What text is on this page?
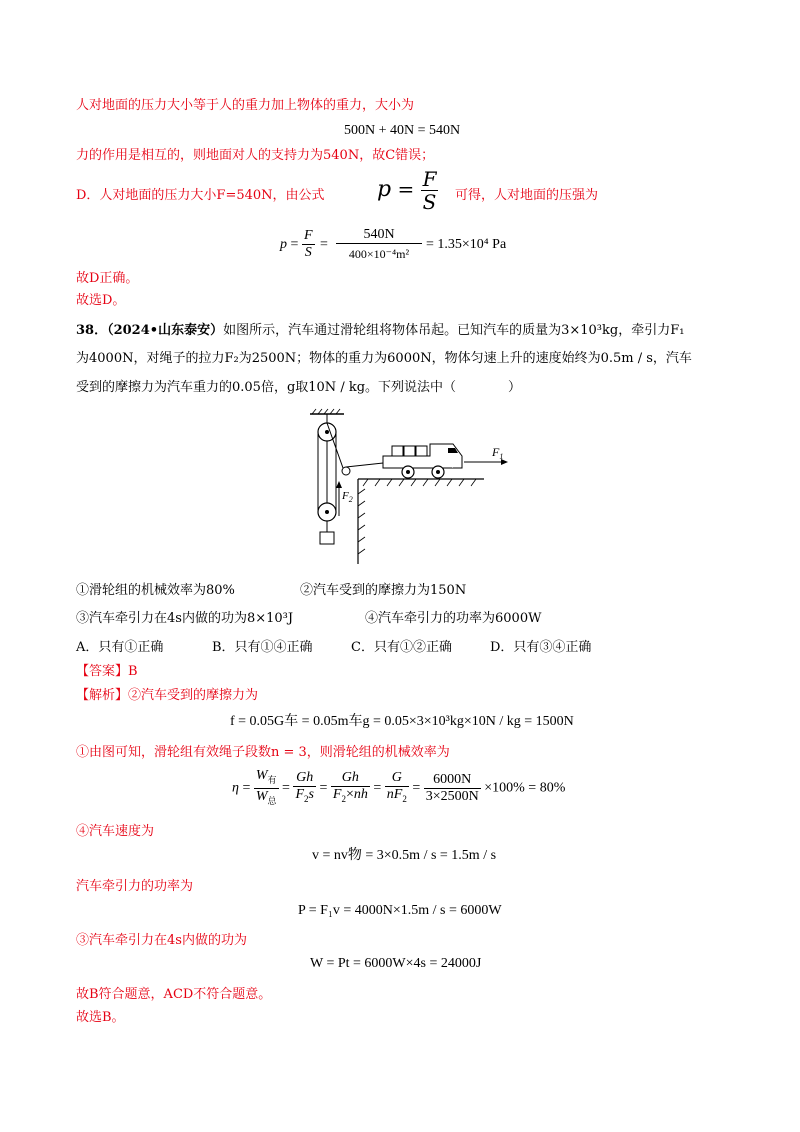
人对地面的压力大小等于人的重力加上物体的重力，大小为
500N + 40N = 540N
力的作用是相互的，则地面对人的支持力为540N，故C错误；
D．人对地面的压力大小F=540N，由公式 $p = \frac{F}{S}$ 可得，人对地面的压强为
$\frac{F}{S}$
p = =
540N
400×10⁻⁴m²
= 1.35×10⁴ Pa
故D正确。
故选D。
38．（2024•山东泰安）如图所示，汽车通过滑轮组将物体吊起。已知汽车的质量为3×10³kg，牵引力F₁
为4000N，对绳子的拉力F₂为2500N；物体的重力为6000N，物体匀速上升的速度始终为0.5m / s，汽车
受到的摩擦力为汽车重力的0.05倍，g取10N / kg。下列说法中（　　　　）
$F_2$
$F_1$
①滑轮组的机械效率为80%	②汽车受到的摩擦力为150N
③汽车牵引力在4s内做的功为8×10³J	④汽车牵引力的功率为6000W
A．只有①正确	B．只有①④正确	C．只有①②正确	D．只有③④正确
【答案】B
【解析】②汽车受到的摩擦力为
f = 0.05G车 = 0.05m车g = 0.05×3×10³kg×10N / kg = 1500N
①由图可知，滑轮组有效绳子段数n = 3，则滑轮组的机械效率为
$\eta = \frac{W_有}{W_总} = \frac{Gh}{F_2s} = \frac{Gh}{F_2\times nh} = \frac{G}{nF_2} = \frac{6000N}{3\times 2500N} \times 100\% = 80\%$
④汽车速度为
v = nv物 = 3×0.5m / s = 1.5m / s
汽车牵引力的功率为
P = F₁v = 4000N×1.5m / s = 6000W
③汽车牵引力在4s内做的功为
W = Pt = 6000W×4s = 24000J
故B符合题意，ACD不符合题意。
故选B。
